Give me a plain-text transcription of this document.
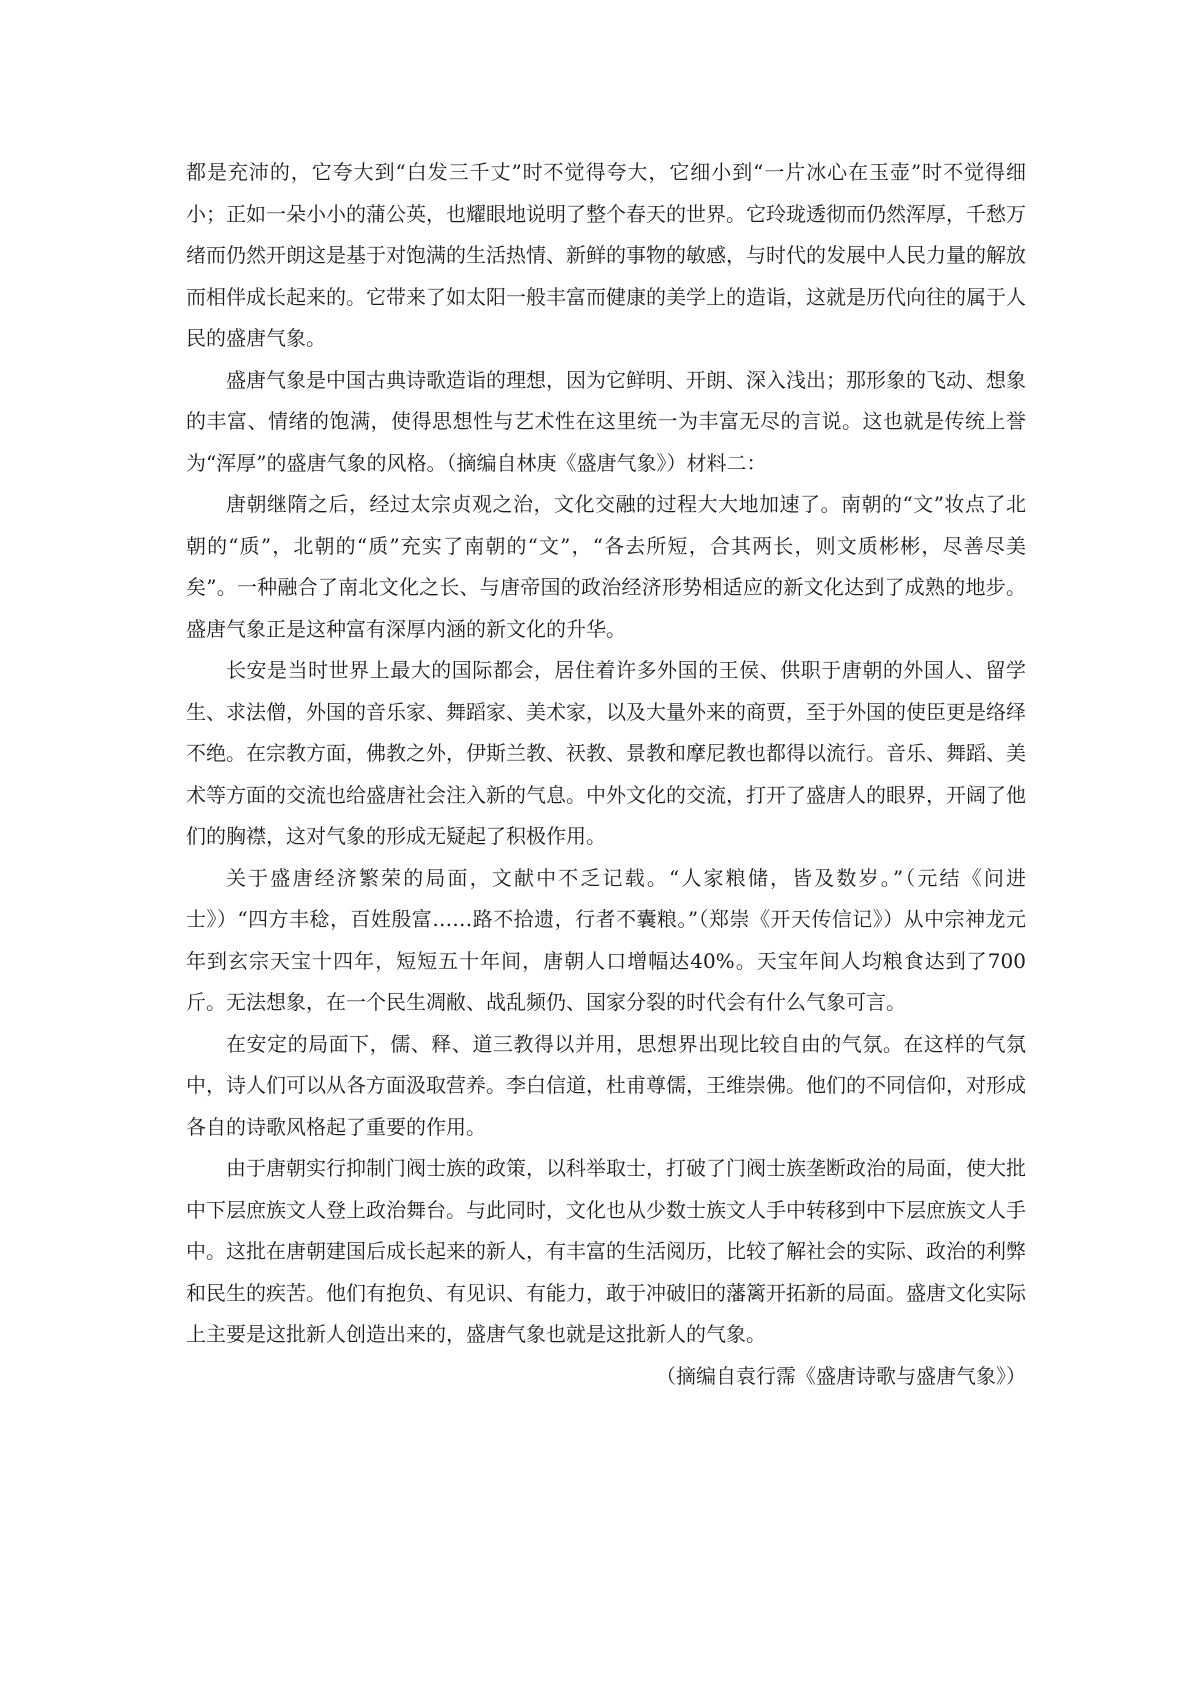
都是充沛的，它夸大到“白发三千丈”时不觉得夸大，它细小到“一片冰心在玉壶”时不觉得细小；正如一朵小小的蒲公英，也耀眼地说明了整个春天的世界。它玲珑透彻而仍然浑厚，千愁万绪而仍然开朗这是基于对饱满的生活热情、新鲜的事物的敏感，与时代的发展中人民力量的解放而相伴成长起来的。它带来了如太阳一般丰富而健康的美学上的造诣，这就是历代向往的属于人民的盛唐气象。

盛唐气象是中国古典诗歌造诣的理想，因为它鲜明、开朗、深入浅出；那形象的飞动、想象的丰富、情绪的饱满，使得思想性与艺术性在这里统一为丰富无尽的言说。这也就是传统上誉为“浑厚”的盛唐气象的风格。（摘编自林庚《盛唐气象》）材料二：

唐朝继隋之后，经过太宗贞观之治，文化交融的过程大大地加速了。南朝的“文”妆点了北朝的“质”，北朝的“质”充实了南朝的“文”，“各去所短，合其两长，则文质彬彬，尽善尽美矣”。一种融合了南北文化之长、与唐帝国的政治经济形势相适应的新文化达到了成熟的地步。盛唐气象正是这种富有深厚内涵的新文化的升华。

长安是当时世界上最大的国际都会，居住着许多外国的王侯、供职于唐朝的外国人、留学生、求法僧，外国的音乐家、舞蹈家、美术家，以及大量外来的商贾，至于外国的使臣更是络绎不绝。在宗教方面，佛教之外，伊斯兰教、祆教、景教和摩尼教也都得以流行。音乐、舞蹈、美术等方面的交流也给盛唐社会注入新的气息。中外文化的交流，打开了盛唐人的眼界，开阔了他们的胸襟，这对气象的形成无疑起了积极作用。

关于盛唐经济繁荣的局面，文献中不乏记载。“人家粮储，皆及数岁。”（元结《问进士》）“四方丰稔，百姓殷富……路不拾遗，行者不囊粮。”（郑崇《开天传信记》）从中宗神龙元年到玄宗天宝十四年，短短五十年间，唐朝人口增幅达40%。天宝年间人均粮食达到了700斤。无法想象，在一个民生凋敝、战乱频仍、国家分裂的时代会有什么气象可言。

在安定的局面下，儒、释、道三教得以并用，思想界出现比较自由的气氛。在这样的气氛中，诗人们可以从各方面汲取营养。李白信道，杜甫尊儒，王维崇佛。他们的不同信仰，对形成各自的诗歌风格起了重要的作用。

由于唐朝实行抑制门阀士族的政策，以科举取士，打破了门阀士族垄断政治的局面，使大批中下层庶族文人登上政治舞台。与此同时，文化也从少数士族文人手中转移到中下层庶族文人手中。这批在唐朝建国后成长起来的新人，有丰富的生活阅历，比较了解社会的实际、政治的利弊和民生的疾苦。他们有抱负、有见识、有能力，敢于冲破旧的藩篱开拓新的局面。盛唐文化实际上主要是这批新人创造出来的，盛唐气象也就是这批新人的气象。

（摘编自袁行霈《盛唐诗歌与盛唐气象》）
